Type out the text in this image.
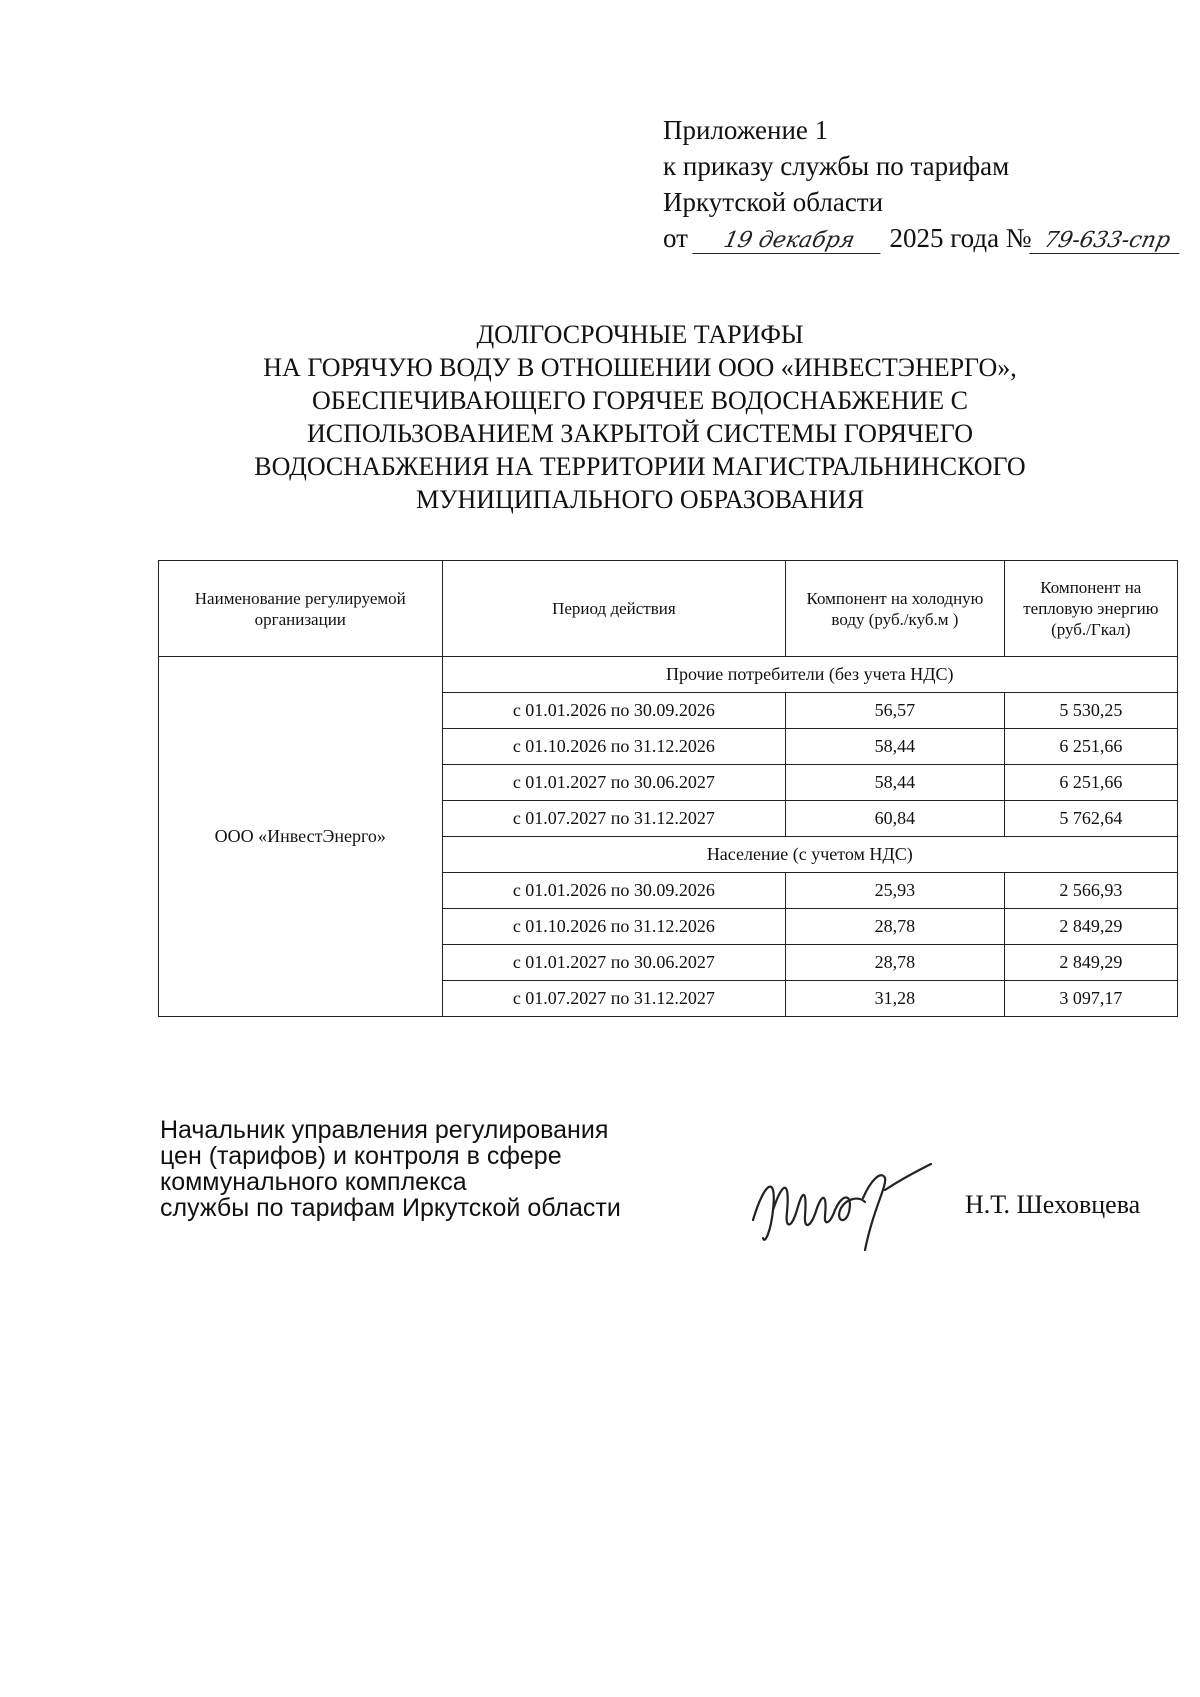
Приложение 1
к приказу службы по тарифам
Иркутской области
от 19 декабря 2025 года № 79-633-спр
ДОЛГОСРОЧНЫЕ ТАРИФЫ
НА ГОРЯЧУЮ ВОДУ В ОТНОШЕНИИ ООО «ИНВЕСТЭНЕРГО»,
ОБЕСПЕЧИВАЮЩЕГО ГОРЯЧЕЕ ВОДОСНАБЖЕНИЕ С
ИСПОЛЬЗОВАНИЕМ ЗАКРЫТОЙ СИСТЕМЫ ГОРЯЧЕГО
ВОДОСНАБЖЕНИЯ НА ТЕРРИТОРИИ МАГИСТРАЛЬНИНСКОГО
МУНИЦИПАЛЬНОГО ОБРАЗОВАНИЯ
Наименование регулируемой организации	Период действия	Компонент на холодную воду (руб./куб.м )	Компонент на тепловую энергию (руб./Гкал)
ООО «ИнвестЭнерго»	Прочие потребители (без учета НДС)		
	с 01.01.2026 по 30.09.2026	56,57	5 530,25
	с 01.10.2026 по 31.12.2026	58,44	6 251,66
	с 01.01.2027 по 30.06.2027	58,44	6 251,66
	с 01.07.2027 по 31.12.2027	60,84	5 762,64
	Население (с учетом НДС)		
	с 01.01.2026 по 30.09.2026	25,93	2 566,93
	с 01.10.2026 по 31.12.2026	28,78	2 849,29
	с 01.01.2027 по 30.06.2027	28,78	2 849,29
	с 01.07.2027 по 31.12.2027	31,28	3 097,17
Начальник управления регулирования
цен (тарифов) и контроля в сфере
коммунального комплекса
службы по тарифам Иркутской области	Н.Т. Шеховцева
